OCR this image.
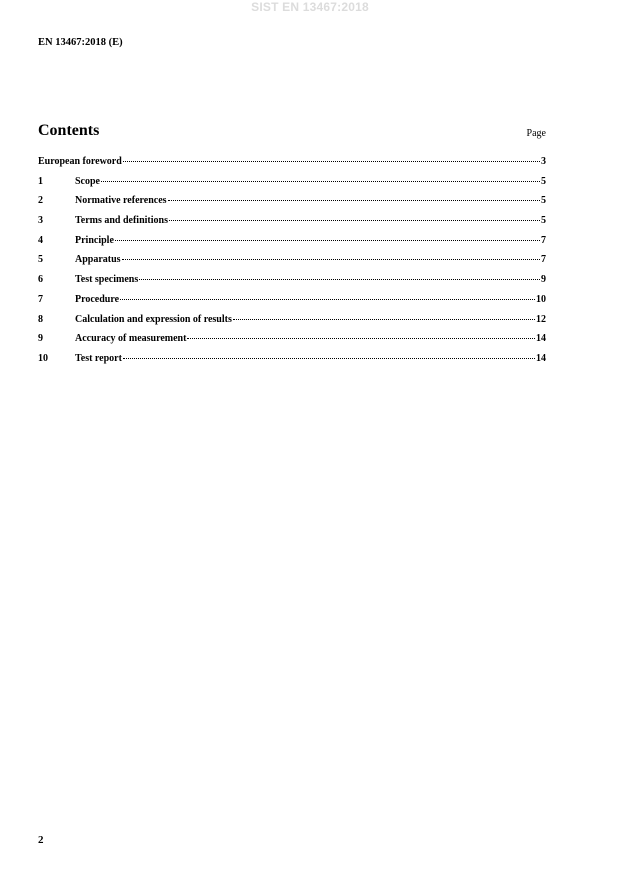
SIST EN 13467:2018
EN 13467:2018 (E)
Contents	Page
European foreword	3
1	Scope	5
2	Normative references	5
3	Terms and definitions	5
4	Principle	7
5	Apparatus	7
6	Test specimens	9
7	Procedure	10
8	Calculation and expression of results	12
9	Accuracy of measurement	14
10	Test report	14
2
